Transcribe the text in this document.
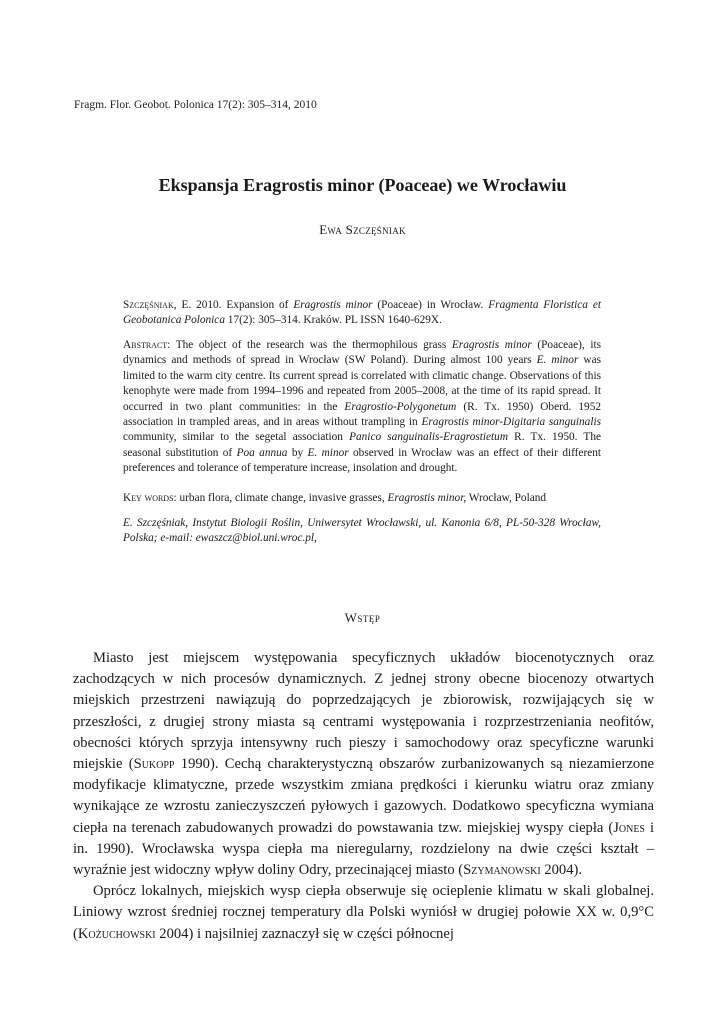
Fragm. Flor. Geobot. Polonica 17(2): 305–314, 2010
Ekspansja Eragrostis minor (Poaceae) we Wrocławiu
Ewa Szczęśniak

Szczęśniak, E. 2010. Expansion of Eragrostis minor (Poaceae) in Wrocław. Fragmenta Floristica et Geobotanica Polonica 17(2): 305–314. Kraków. PL ISSN 1640-629X.

Abstract: The object of the research was the thermophilous grass Eragrostis minor (Poaceae), its dynamics and methods of spread in Wrocław (SW Poland). During almost 100 years E. minor was limited to the warm city centre. Its current spread is correlated with climatic change. Observations of this kenophyte were made from 1994–1996 and repeated from 2005–2008, at the time of its rapid spread. It occurred in two plant communities: in the Eragrostio-Polygonetum (R. Tx. 1950) Oberd. 1952 association in trampled areas, and in areas without trampling in Eragrostis minor-Digitaria sanguinalis community, similar to the segetal association Panico sanguinalis-Eragrostietum R. Tx. 1950. The seasonal substitution of Poa annua by E. minor observed in Wrocław was an effect of their different preferences and tolerance of temperature increase, insolation and drought.

Key words: urban flora, climate change, invasive grasses, Eragrostis minor, Wrocław, Poland

E. Szczęśniak, Instytut Biologii Roślin, Uniwersytet Wrocławski, ul. Kanonia 6/8, PL-50-328 Wrocław, Polska; e-mail: ewaszcz@biol.uni.wroc.pl,

Wstęp

Miasto jest miejscem występowania specyficznych układów biocenotycznych oraz zachodzących w nich procesów dynamicznych. Z jednej strony obecne biocenozy otwartych miejskich przestrzeni nawiązują do poprzedzających je zbiorowisk, rozwijających się w przeszłości, z drugiej strony miasta są centrami występowania i rozprzestrzeniania neofitów, obecności których sprzyja intensywny ruch pieszy i samochodowy oraz specyficzne warunki miejskie (Sukopp 1990). Cechą charakterystyczną obszarów zurbanizowanych są niezamierzone modyfikacje klimatyczne, przede wszystkim zmiana prędkości i kierunku wiatru oraz zmiany wynikające ze wzrostu zanieczyszczeń pyłowych i gazowych. Dodatkowo specyficzna wymiana ciepła na terenach zabudowanych prowadzi do powstawania tzw. miejskiej wyspy ciepła (Jones i in. 1990). Wrocławska wyspa ciepła ma nieregularny, rozdzielony na dwie części kształt – wyraźnie jest widoczny wpływ doliny Odry, przecinającej miasto (Szymanowski 2004).

Oprócz lokalnych, miejskich wysp ciepła obserwuje się ocieplenie klimatu w skali globalnej. Liniowy wzrost średniej rocznej temperatury dla Polski wyniósł w drugiej połowie XX w. 0,9°C (Kożuchowski 2004) i najsilniej zaznaczył się w części północnej
